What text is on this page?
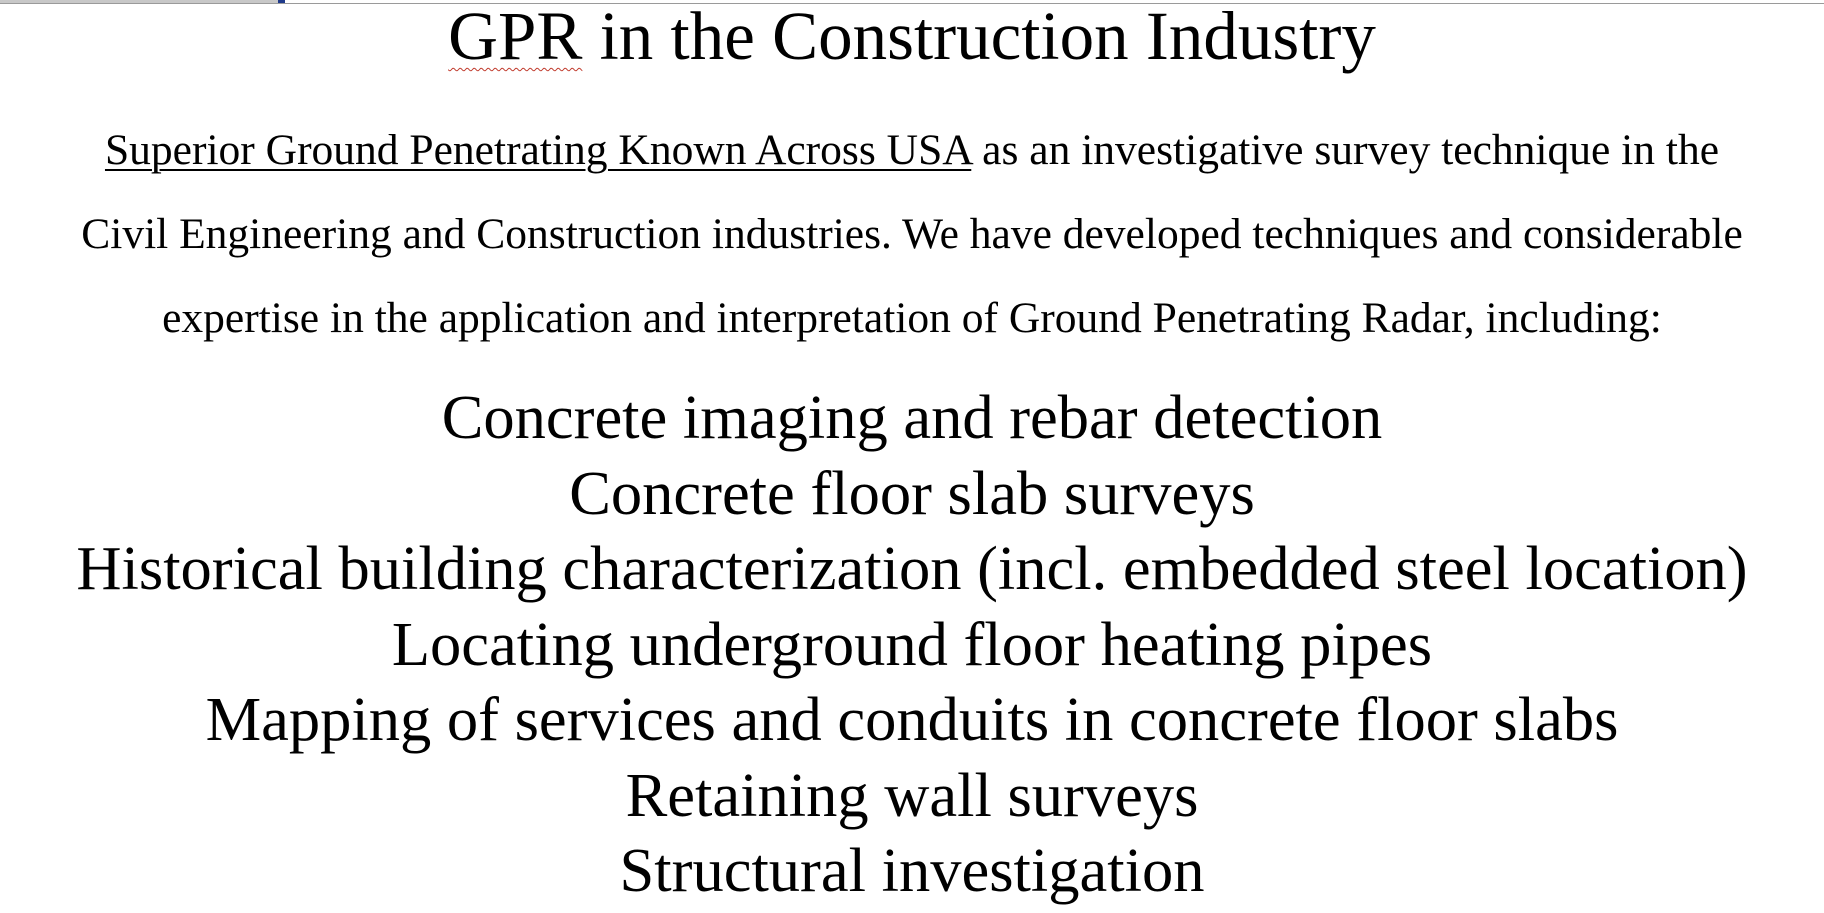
GPR in the Construction Industry
Superior Ground Penetrating Known Across USA as an investigative survey technique in the
Civil Engineering and Construction industries. We have developed techniques and considerable
expertise in the application and interpretation of Ground Penetrating Radar, including:
Concrete imaging and rebar detection
Concrete floor slab surveys
Historical building characterization (incl. embedded steel location)
Locating underground floor heating pipes
Mapping of services and conduits in concrete floor slabs
Retaining wall surveys
Structural investigation
